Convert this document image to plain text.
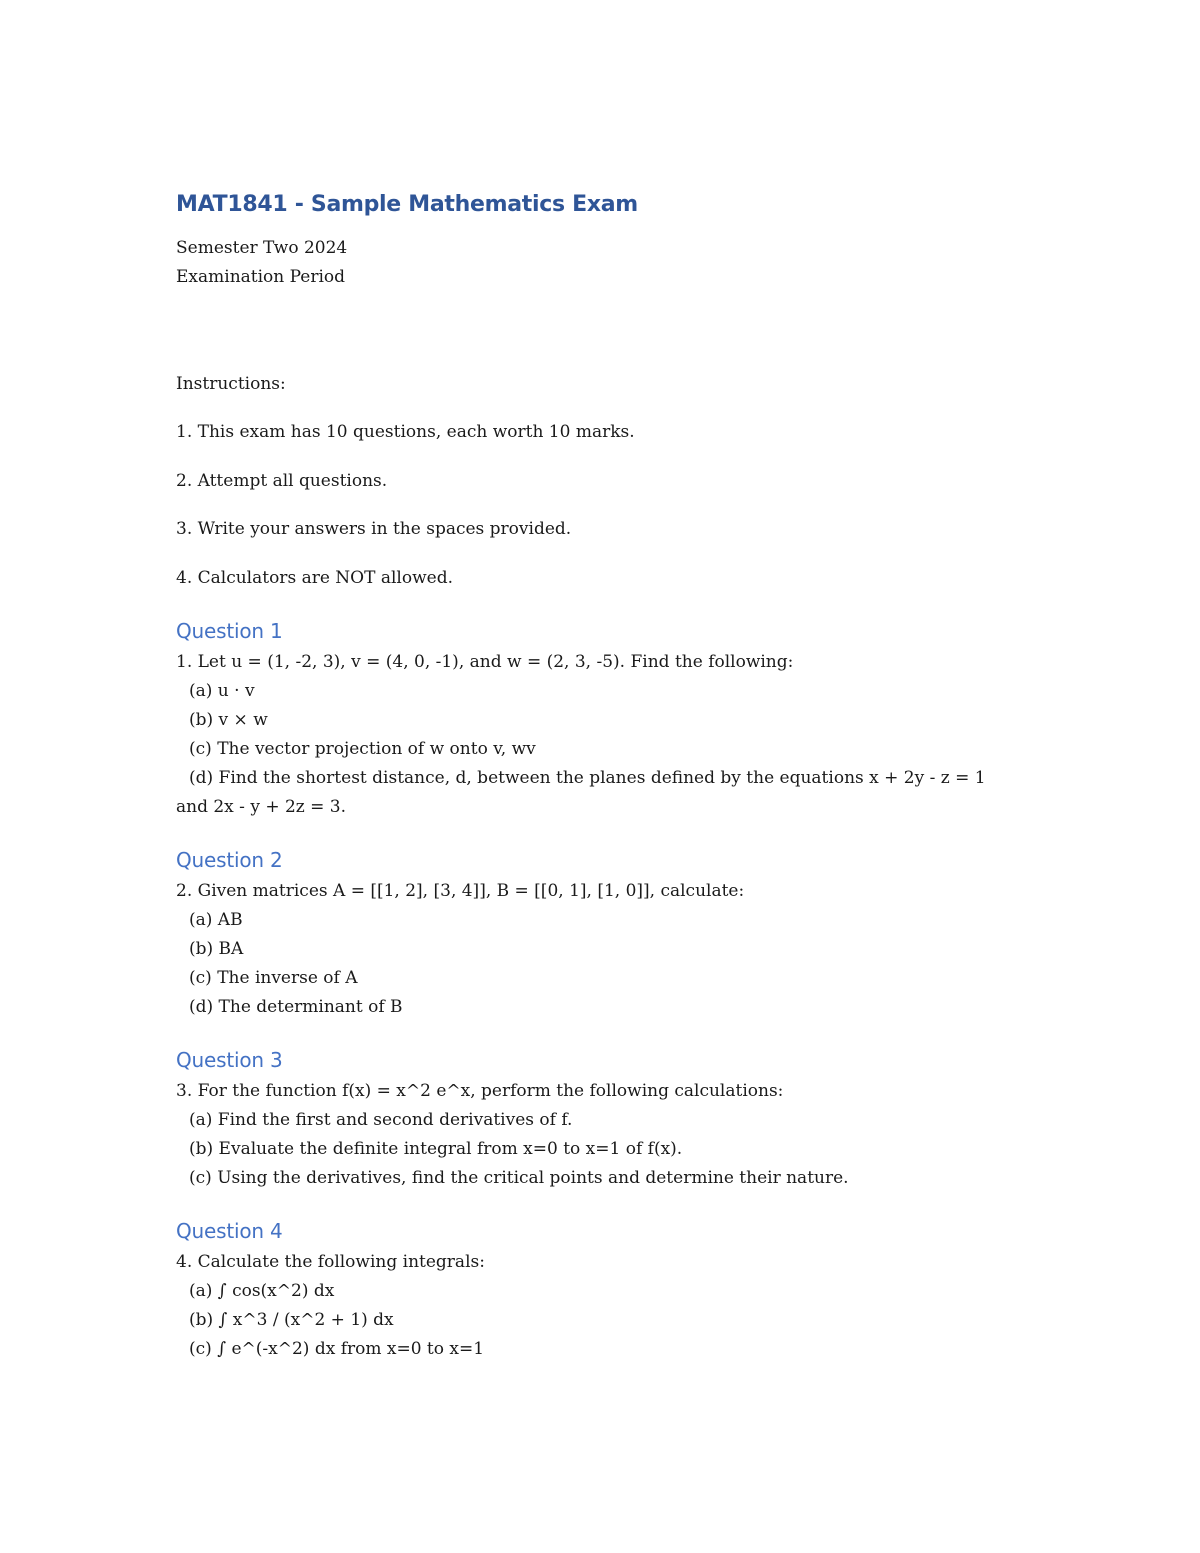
MAT1841 - Sample Mathematics Exam

Semester Two 2024

Examination Period

Instructions:

1. This exam has 10 questions, each worth 10 marks.

2. Attempt all questions.

3. Write your answers in the spaces provided.

4. Calculators are NOT allowed.

Question 1

1. Let u = (1, -2, 3), v = (4, 0, -1), and w = (2, 3, -5). Find the following:

(a) u · v

(b) v × w

(c) The vector projection of w onto v, wv

(d) Find the shortest distance, d, between the planes defined by the equations x + 2y - z = 1

and 2x - y + 2z = 3.

Question 2

2. Given matrices A = [[1, 2], [3, 4]], B = [[0, 1], [1, 0]], calculate:

(a) AB

(b) BA

(c) The inverse of A

(d) The determinant of B

Question 3

3. For the function f(x) = x^2 e^x, perform the following calculations:

(a) Find the first and second derivatives of f.

(b) Evaluate the definite integral from x=0 to x=1 of f(x).

(c) Using the derivatives, find the critical points and determine their nature.

Question 4

4. Calculate the following integrals:

(a) ∫ cos(x^2) dx

(b) ∫ x^3 / (x^2 + 1) dx

(c) ∫ e^(-x^2) dx from x=0 to x=1
